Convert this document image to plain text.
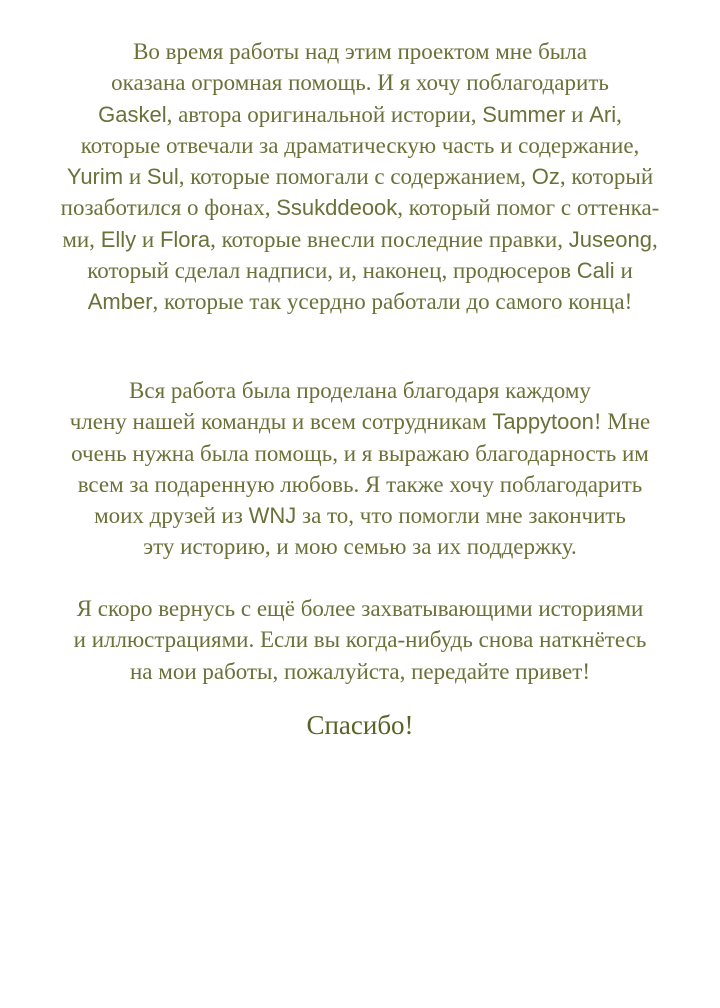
Во время работы над этим проектом мне была
оказана огромная помощь. И я хочу поблагодарить
Gaskel, автора оригинальной истории, Summer и Ari,
которые отвечали за драматическую часть и содержание,
Yurim и Sul, которые помогали с содержанием, Oz, который
позаботился о фонах, Ssukddeook, который помог с оттенка-
ми, Elly и Flora, которые внесли последние правки, Juseong,
который сделал надписи, и, наконец, продюсеров Cali и
Amber, которые так усердно работали до самого конца!
Вся работа была проделана благодаря каждому
члену нашей команды и всем сотрудникам Tappytoon! Мне
очень нужна была помощь, и я выражаю благодарность им
всем за подаренную любовь. Я также хочу поблагодарить
моих друзей из WNJ за то, что помогли мне закончить
эту историю, и мою семью за их поддержку.
Я скоро вернусь с ещё более захватывающими историями
и иллюстрациями. Если вы когда-нибудь снова наткнётесь
на мои работы, пожалуйста, передайте привет!
Спасибо!
